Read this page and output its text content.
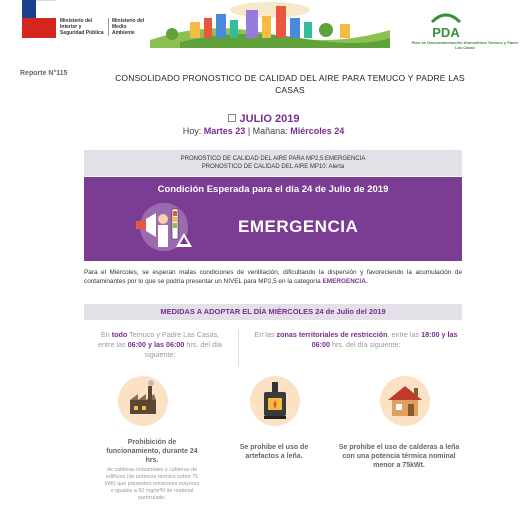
Ministerio del Interior y Seguridad Pública
Ministerio del Medio Ambiente	PDA
Plan de Descontaminación Atmosférica Temuco y Padre Las Casas
Reporte N°115	CONSOLIDADO PRONOSTICO DE CALIDAD DEL AIRE PARA TEMUCO Y PADRE LAS CASAS
JULIO 2019
Hoy: Martes 23 | Mañana: Miércoles 24
PRONOSTICO DE CALIDAD DEL AIRE PARA MP2,5:EMERGENCIA
PRONOSTICO DE CALIDAD DEL AIRE MP10: Alerta
Condición Esperada para el día 24 de Julio de 2019
EMERGENCIA
Para el Miércoles, se esperan malas condiciones de ventilación, dificultando la dispersión y favoreciendo la acumulación de contaminantes por lo que se podría presentar un NIVEL para MP2,5 en la categoría EMERGENCIA.
MEDIDAS A ADOPTAR EL DÍA MIÉRCOLES 24 de Julio del 2019
En todo Temuco y Padre Las Casas, entre las 06:00 y las 06:00 hrs. del día siguiente:
En las zonas territoriales de restricción, entre las 18:00 y las 06:00 hrs. del día siguiente:
Prohibición de funcionamiento, durante 24 hrs.
de calderas industriales y calderas de edificios (de potencia térmica sobre 75 kWt) que presenten emisiones mayores o iguales a 50 mg/m³N de material particulado.
Se prohibe el uso de artefactos a leña.
Se prohibe el uso de calderas a leña con una potencia térmica nominal menor a 75kWt.
